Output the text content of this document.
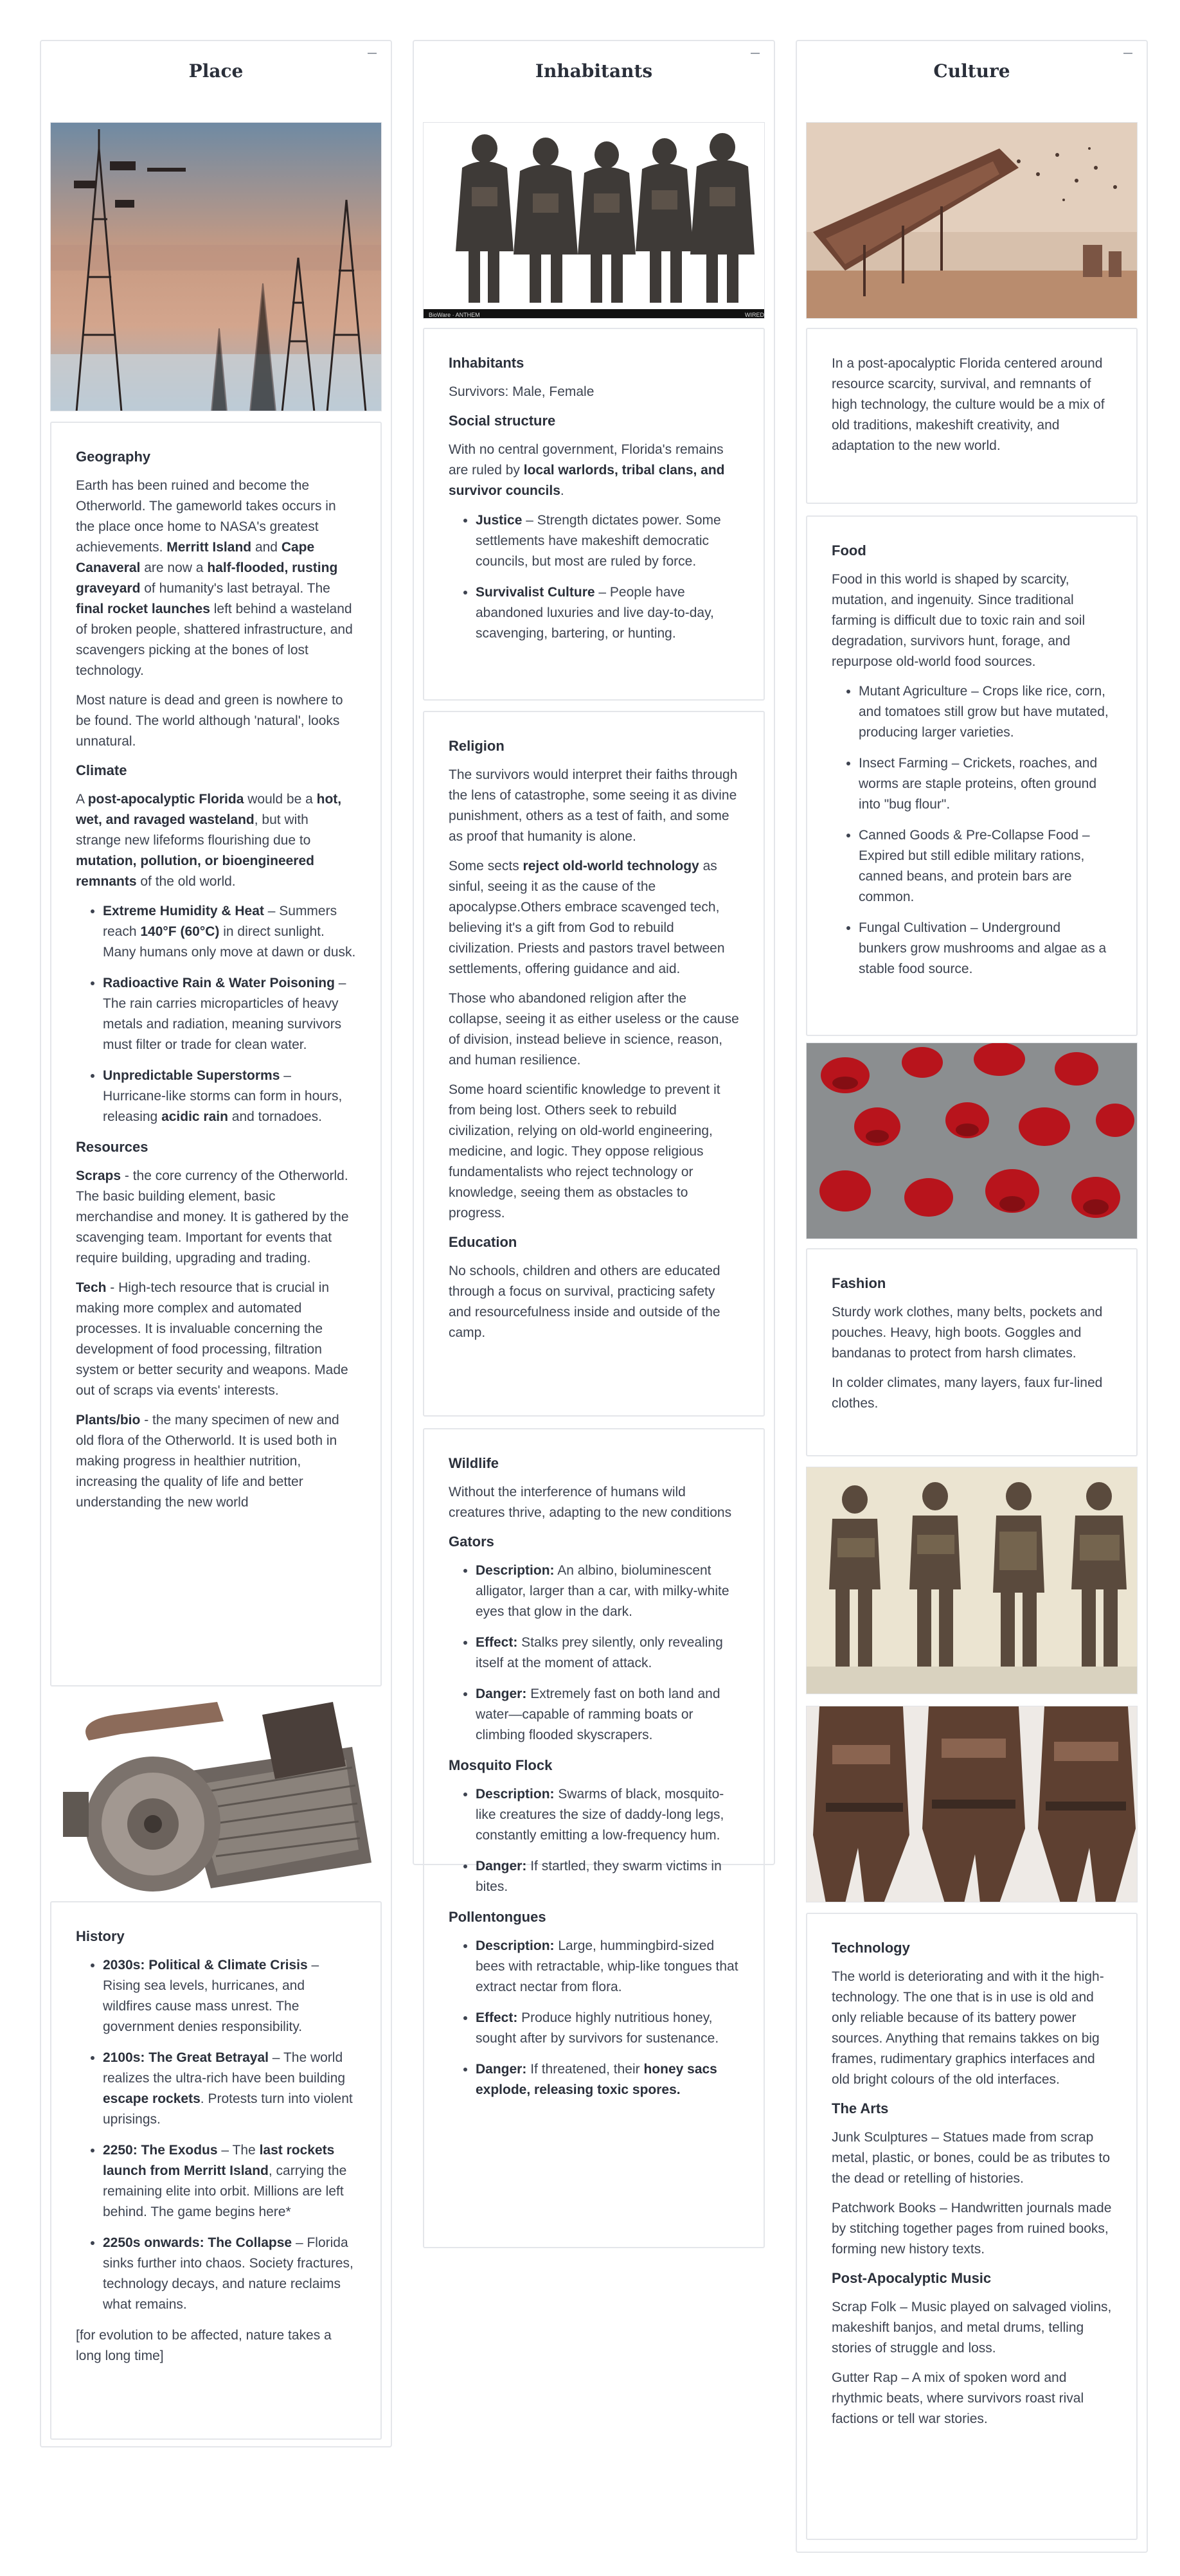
Place
Geography

Earth has been ruined and become the Otherworld. The gameworld takes occurs in the place once home to NASA's greatest achievements. Merritt Island and Cape Canaveral are now a half-flooded, rusting graveyard of humanity's last betrayal. The final rocket launches left behind a wasteland of broken people, shattered infrastructure, and scavengers picking at the bones of lost technology.

Most nature is dead and green is nowhere to be found. The world although 'natural', looks unnatural.

Climate

A post-apocalyptic Florida would be a hot, wet, and ravaged wasteland, but with strange new lifeforms flourishing due to mutation, pollution, or bioengineered remnants of the old world.

• Extreme Humidity & Heat – Summers reach 140°F (60°C) in direct sunlight. Many humans only move at dawn or dusk.
• Radioactive Rain & Water Poisoning – The rain carries microparticles of heavy metals and radiation, meaning survivors must filter or trade for clean water.
• Unpredictable Superstorms – Hurricane-like storms can form in hours, releasing acidic rain and tornadoes.
Resources

Scraps - the core currency of the Otherworld. The basic building element, basic merchandise and money. It is gathered by the scavenging team. Important for events that require building, upgrading and trading.

Tech - High-tech resource that is crucial in making more complex and automated processes. It is invaluable concerning the development of food processing, filtration system or better security and weapons. Made out of scraps via events' interests.

Plants/bio - the many specimen of new and old flora of the Otherworld. It is used both in making progress in healthier nutrition, increasing the quality of life and better understanding the new world

History
• 2030s: Political & Climate Crisis – Rising sea levels, hurricanes, and wildfires cause mass unrest. The government denies responsibility.
• 2100s: The Great Betrayal – The world realizes the ultra-rich have been building escape rockets. Protests turn into violent uprisings.
• 2250: The Exodus – The last rockets launch from Merritt Island, carrying the remaining elite into orbit. Millions are left behind. The game begins here*
• 2250s onwards: The Collapse – Florida sinks further into chaos. Society fractures, technology decays, and nature reclaims what remains.

[for evolution to be affected, nature takes a long long time]

Inhabitants
BioWare · ANTHEM	WIRED
Inhabitants

Survivors: Male, Female

Social structure

With no central government, Florida's remains are ruled by local warlords, tribal clans, and survivor councils.

• Justice – Strength dictates power. Some settlements have makeshift democratic councils, but most are ruled by force.
• Survivalist Culture – People have abandoned luxuries and live day-to-day, scavenging, bartering, or hunting.
Religion

The survivors would interpret their faiths through the lens of catastrophe, some seeing it as divine punishment, others as a test of faith, and some as proof that humanity is alone.

Some sects reject old-world technology as sinful, seeing it as the cause of the apocalypse.Others embrace scavenged tech, believing it's a gift from God to rebuild civilization. Priests and pastors travel between settlements, offering guidance and aid.

Those who abandoned religion after the collapse, seeing it as either useless or the cause of division, instead believe in science, reason, and human resilience.

Some hoard scientific knowledge to prevent it from being lost. Others seek to rebuild civilization, relying on old-world engineering, medicine, and logic. They oppose religious fundamentalists who reject technology or knowledge, seeing them as obstacles to progress.

Education

No schools, children and others are educated through a focus on survival, practicing safety and resourcefulness inside and outside of the camp.

Wildlife

Without the interference of humans wild creatures thrive, adapting to the new conditions

Gators
• Description: An albino, bioluminescent alligator, larger than a car, with milky-white eyes that glow in the dark.
• Effect: Stalks prey silently, only revealing itself at the moment of attack.
• Danger: Extremely fast on both land and water—capable of ramming boats or climbing flooded skyscrapers.
Mosquito Flock
• Description: Swarms of black, mosquito-like creatures the size of daddy-long legs, constantly emitting a low-frequency hum.
• Danger: If startled, they swarm victims in bites.
Pollentongues
• Description: Large, hummingbird-sized bees with retractable, whip-like tongues that extract nectar from flora.
• Effect: Produce highly nutritious honey, sought after by survivors for sustenance.
• Danger: If threatened, their honey sacs explode, releasing toxic spores.
Culture

In a post-apocalyptic Florida centered around resource scarcity, survival, and remnants of high technology, the culture would be a mix of old traditions, makeshift creativity, and adaptation to the new world.

Food

Food in this world is shaped by scarcity, mutation, and ingenuity. Since traditional farming is difficult due to toxic rain and soil degradation, survivors hunt, forage, and repurpose old-world food sources.

• Mutant Agriculture – Crops like rice, corn, and tomatoes still grow but have mutated, producing larger varieties.
• Insect Farming – Crickets, roaches, and worms are staple proteins, often ground into "bug flour".
• Canned Goods & Pre-Collapse Food – Expired but still edible military rations, canned beans, and protein bars are common.
• Fungal Cultivation – Underground bunkers grow mushrooms and algae as a stable food source.
Fashion

Sturdy work clothes, many belts, pockets and pouches. Heavy, high boots. Goggles and bandanas to protect from harsh climates.

In colder climates, many layers, faux fur-lined clothes.

Technology

The world is deteriorating and with it the high-technology. The one that is in use is old and only reliable because of its battery power sources. Anything that remains takkes on big frames, rudimentary graphics interfaces and old bright colours of the old interfaces.

The Arts

Junk Sculptures – Statues made from scrap metal, plastic, or bones, could be as tributes to the dead or retelling of histories.

Patchwork Books – Handwritten journals made by stitching together pages from ruined books, forming new history texts.

Post-Apocalyptic Music

Scrap Folk – Music played on salvaged violins, makeshift banjos, and metal drums, telling stories of struggle and loss.

Gutter Rap – A mix of spoken word and rhythmic beats, where survivors roast rival factions or tell war stories.
